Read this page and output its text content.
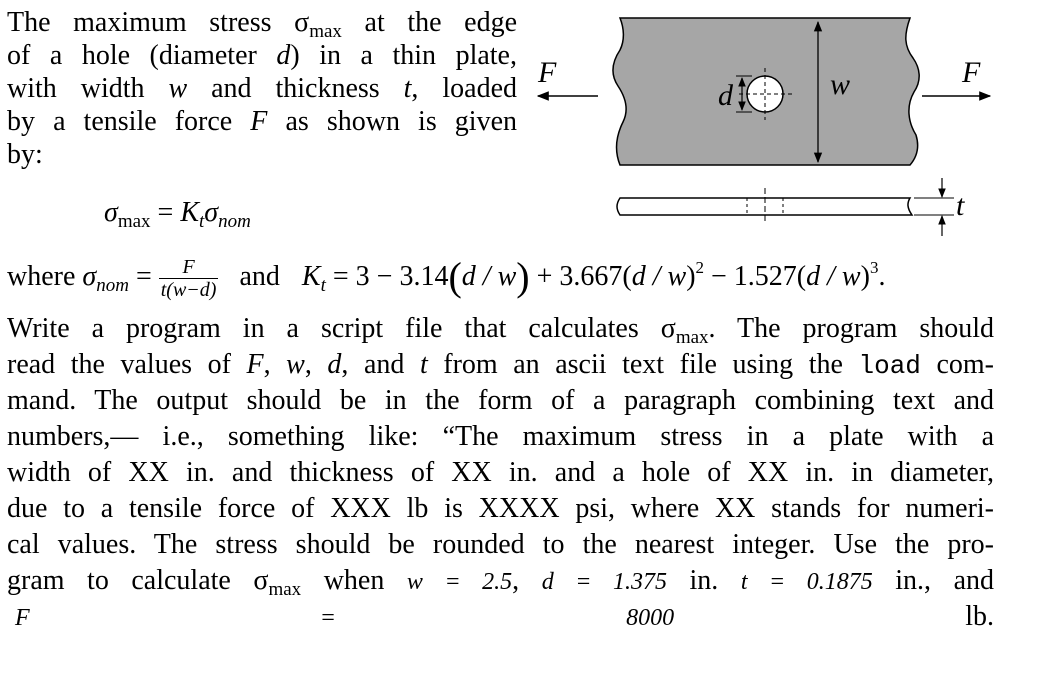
The maximum stress $\sigma_{max}$ at the edge
of a hole (diameter d) in a thin plate,
with width w and thickness t, loaded
by a tensile force F as shown is given
by:
$\sigma_{max} = K_t\sigma_{nom}$
where $\sigma_{nom} = \frac{F}{t(w-d)}$ and $K_t = 3 - 3.14(d / w) + 3.667(d / w)^2 - 1.527(d / w)^3$.
Write a program in a script file that calculates $\sigma_{max}$. The program should
read the values of F, w, d, and t from an ascii text file using the load com-
mand. The output should be in the form of a paragraph combining text and
numbers,— i.e., something like: “The maximum stress in a plate with a
width of XX in. and thickness of XX in. and a hole of XX in. in diameter,
due to a tensile force of XXX lb is XXXX psi, where XX stands for numeri-
cal values. The stress should be rounded to the nearest integer. Use the pro-
gram to calculate $\sigma_{max}$ when w = 2.5, d = 1.375 in. t = 0.1875 in., and
F = 8000 lb.
d	w
F	F
t
